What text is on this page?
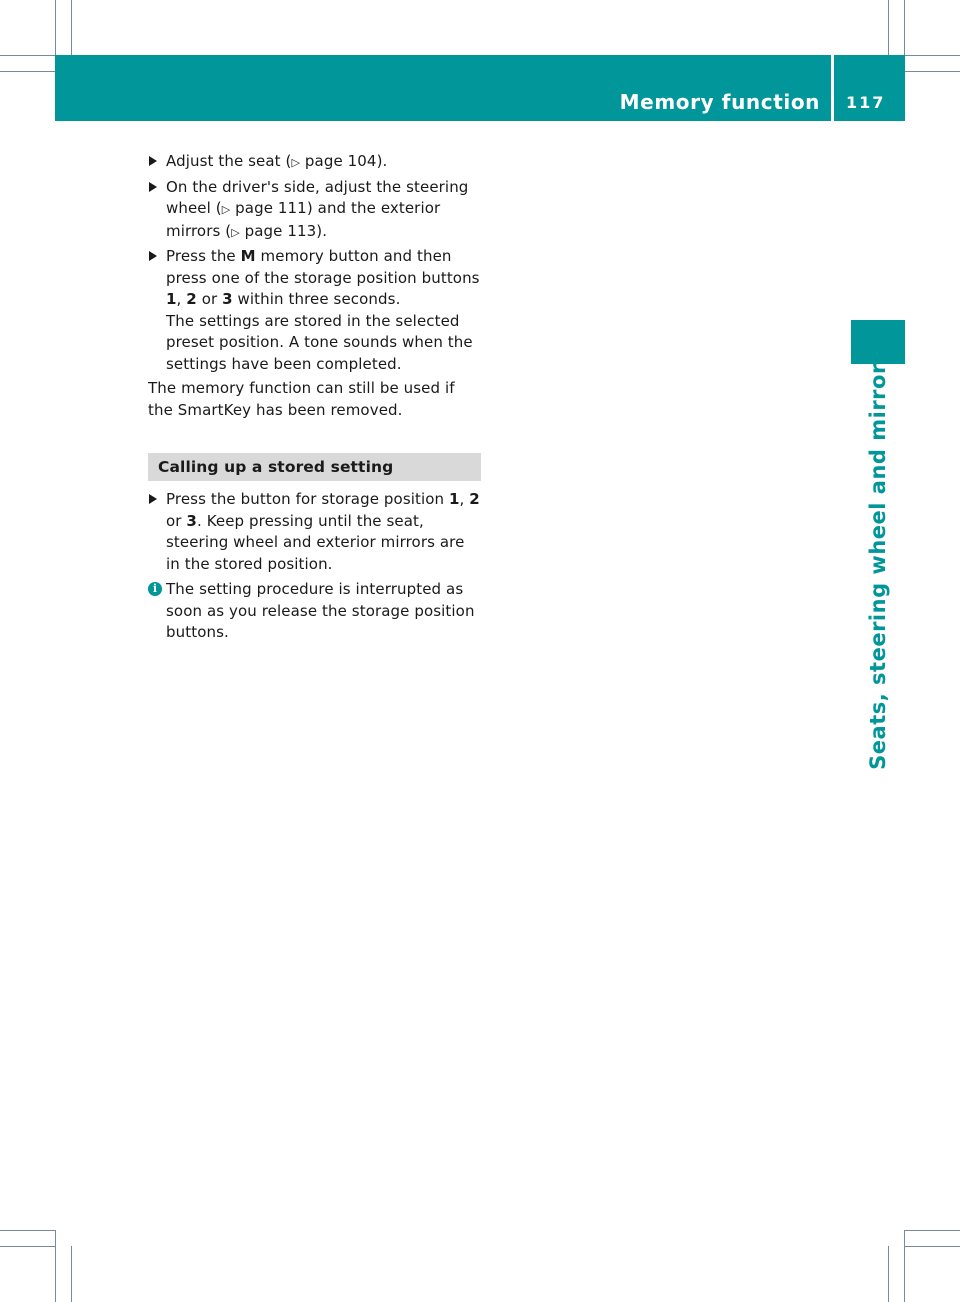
Memory function 117
Seats, steering wheel and mirrors
Adjust the seat (▷ page 104).
On the driver's side, adjust the steering wheel (▷ page 111) and the exterior mirrors (▷ page 113).
Press the M memory button and then press one of the storage position buttons 1, 2 or 3 within three seconds.
The settings are stored in the selected preset position. A tone sounds when the settings have been completed.
The memory function can still be used if the SmartKey has been removed.
Calling up a stored setting
Press the button for storage position 1, 2 or 3. Keep pressing until the seat, steering wheel and exterior mirrors are in the stored position.
i The setting procedure is interrupted as soon as you release the storage position buttons.
